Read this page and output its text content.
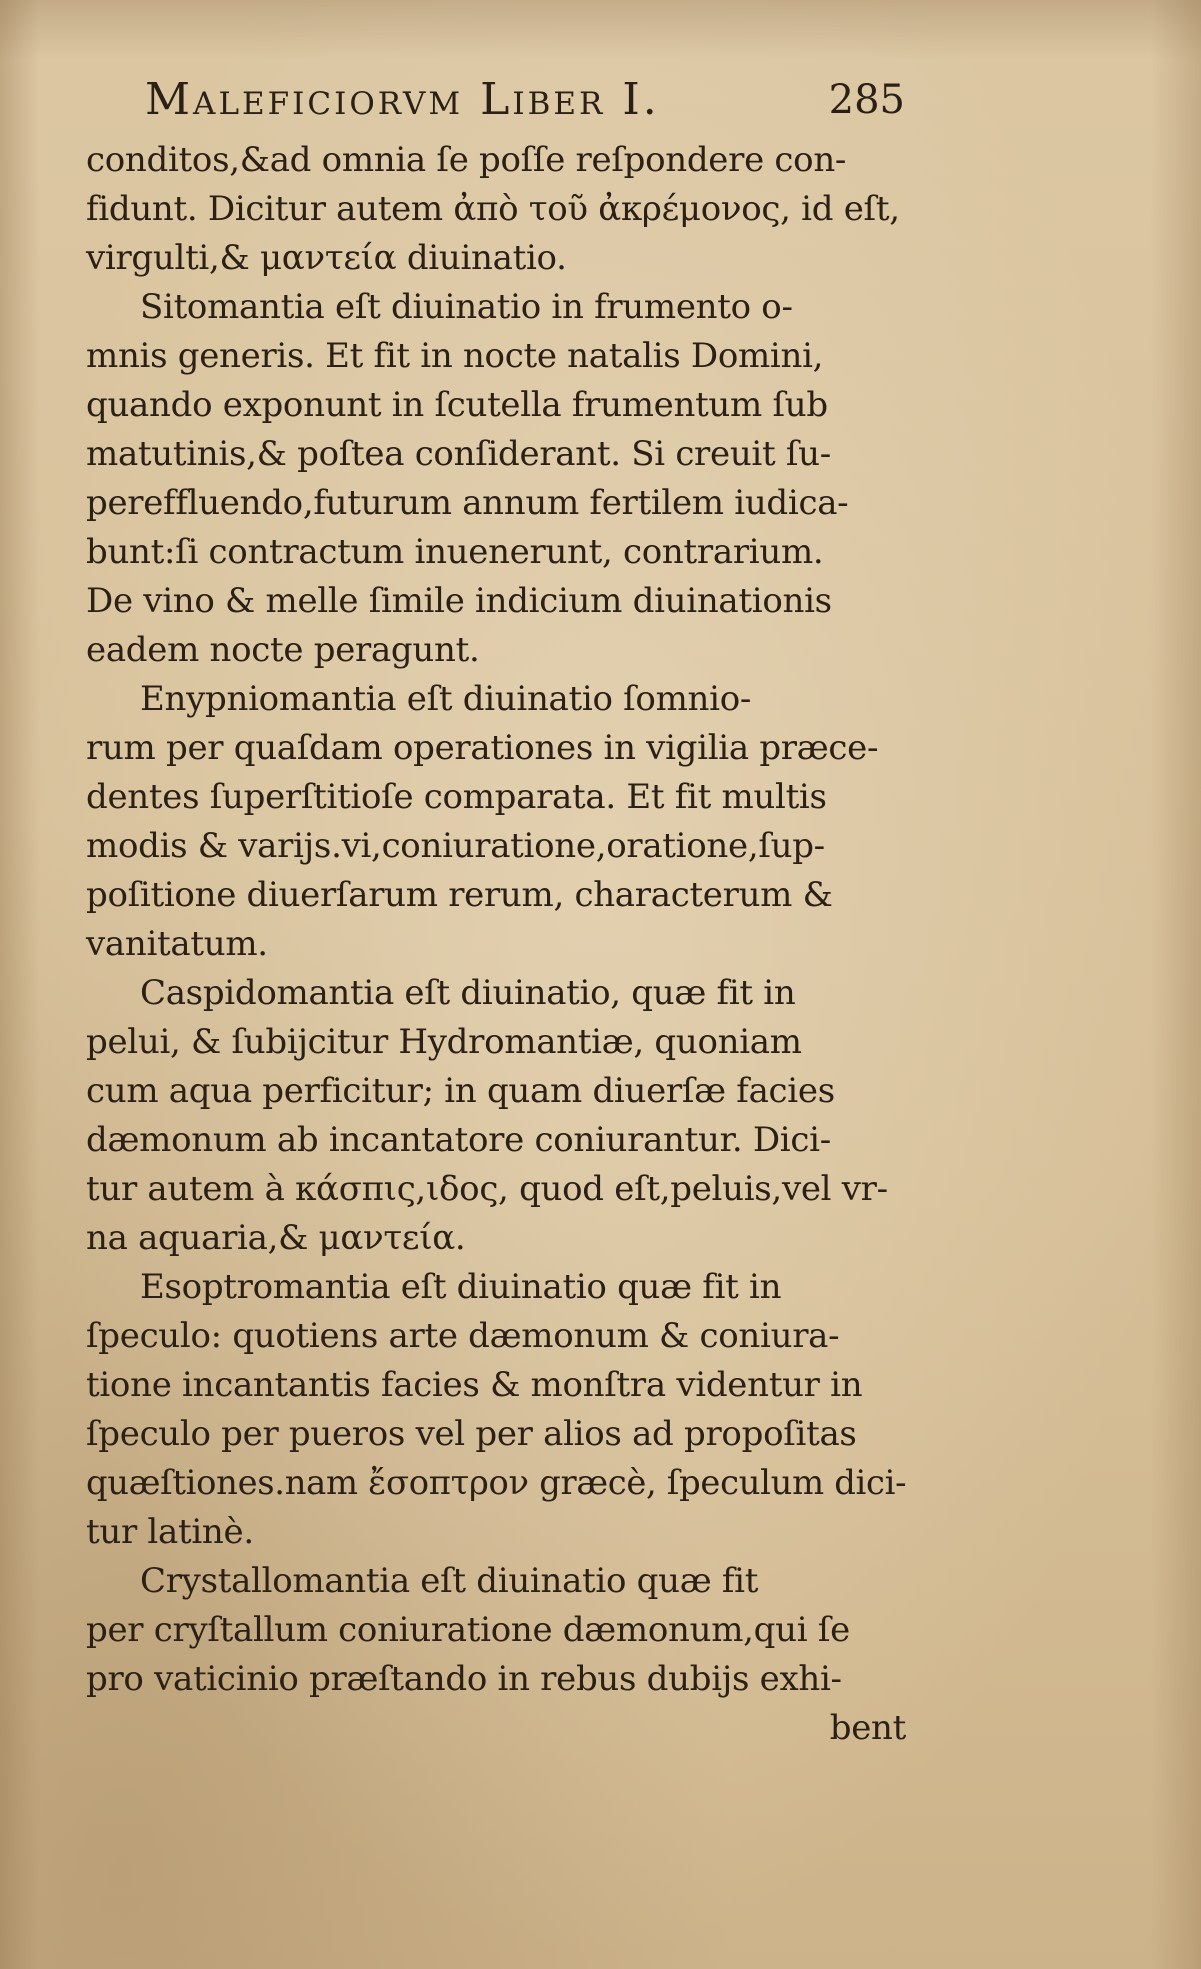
Maleficiorvm Liber I.	285
conditos,&ad omnia ſe poſſe reſpondere con-
fidunt. Dicitur autem ἀπὸ τοῦ ἀκρέμονος, id eſt,
virgulti,& μαντεία diuinatio.
Sitomantia eſt diuinatio in frumento o-
mnis generis. Et fit in nocte natalis Domini,
quando exponunt in ſcutella frumentum ſub
matutinis,& poſtea conſiderant. Si creuit ſu-
pereffluendo,futurum annum fertilem iudica-
bunt:ſi contractum inuenerunt, contrarium.
De vino & melle ſimile indicium diuinationis
eadem nocte peragunt.
Enypniomantia eſt diuinatio ſomnio-
rum per quaſdam operationes in vigilia præce-
dentes ſuperſtitioſe comparata. Et fit multis
modis & varijs.vi,coniuratione,oratione,ſup-
poſitione diuerſarum rerum, characterum &
vanitatum.
Caspidomantia eſt diuinatio, quæ fit in
pelui, & ſubijcitur Hydromantiæ, quoniam
cum aqua perficitur; in quam diuerſæ facies
dæmonum ab incantatore coniurantur. Dici-
tur autem à κάσπις,ιδος, quod eſt,peluis,vel vr-
na aquaria,& μαντεία.
Esoptromantia eſt diuinatio quæ fit in
ſpeculo: quotiens arte dæmonum & coniura-
tione incantantis facies & monſtra videntur in
ſpeculo per pueros vel per alios ad propoſitas
quæſtiones.nam ἔσοπτρον græcè, ſpeculum dici-
tur latinè.
Crystallomantia eſt diuinatio quæ fit
per cryſtallum coniuratione dæmonum,qui ſe
pro vaticinio præſtando in rebus dubijs exhi-
bent
